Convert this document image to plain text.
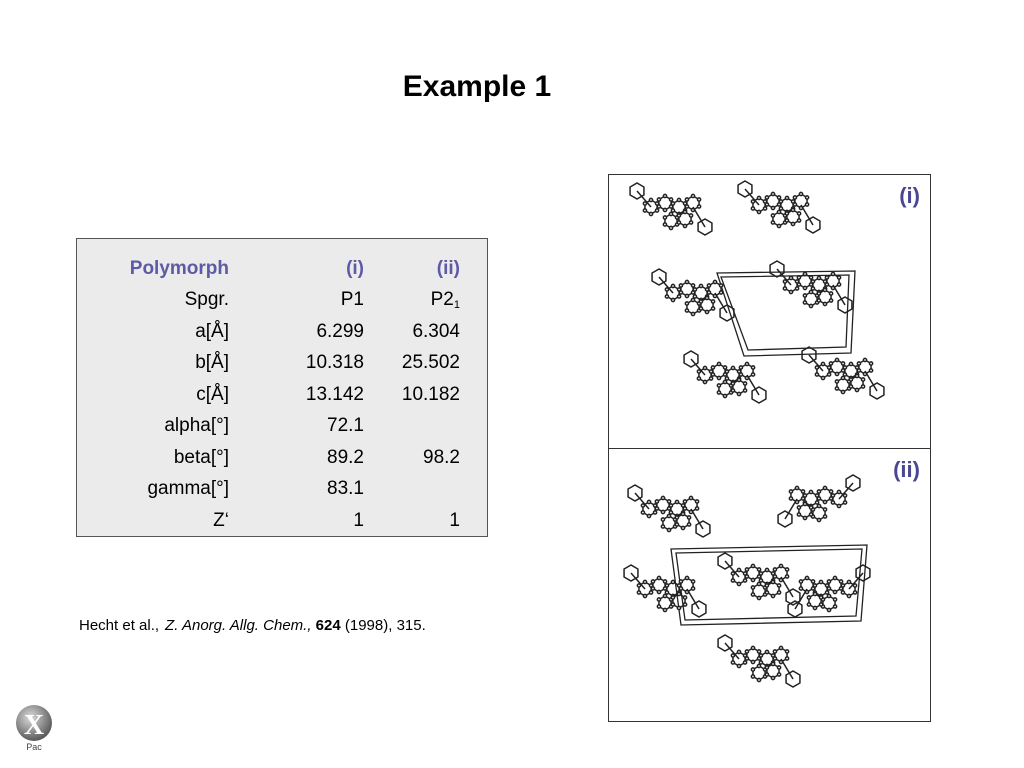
Example 1
Polymorph	(i)	(ii)
Spgr.	P1	$P2_1$
a[Å]	6.299	6.304
b[Å]	10.318	25.502
c[Å]	13.142	10.182
alpha[°]	72.1	
beta[°]	89.2	98.2
gamma[°]	83.1	
Z‘	1	1
Hecht et al., Z. Anorg. Allg. Chem., 624 (1998), 315.
(i)
(ii)
X
Pac
